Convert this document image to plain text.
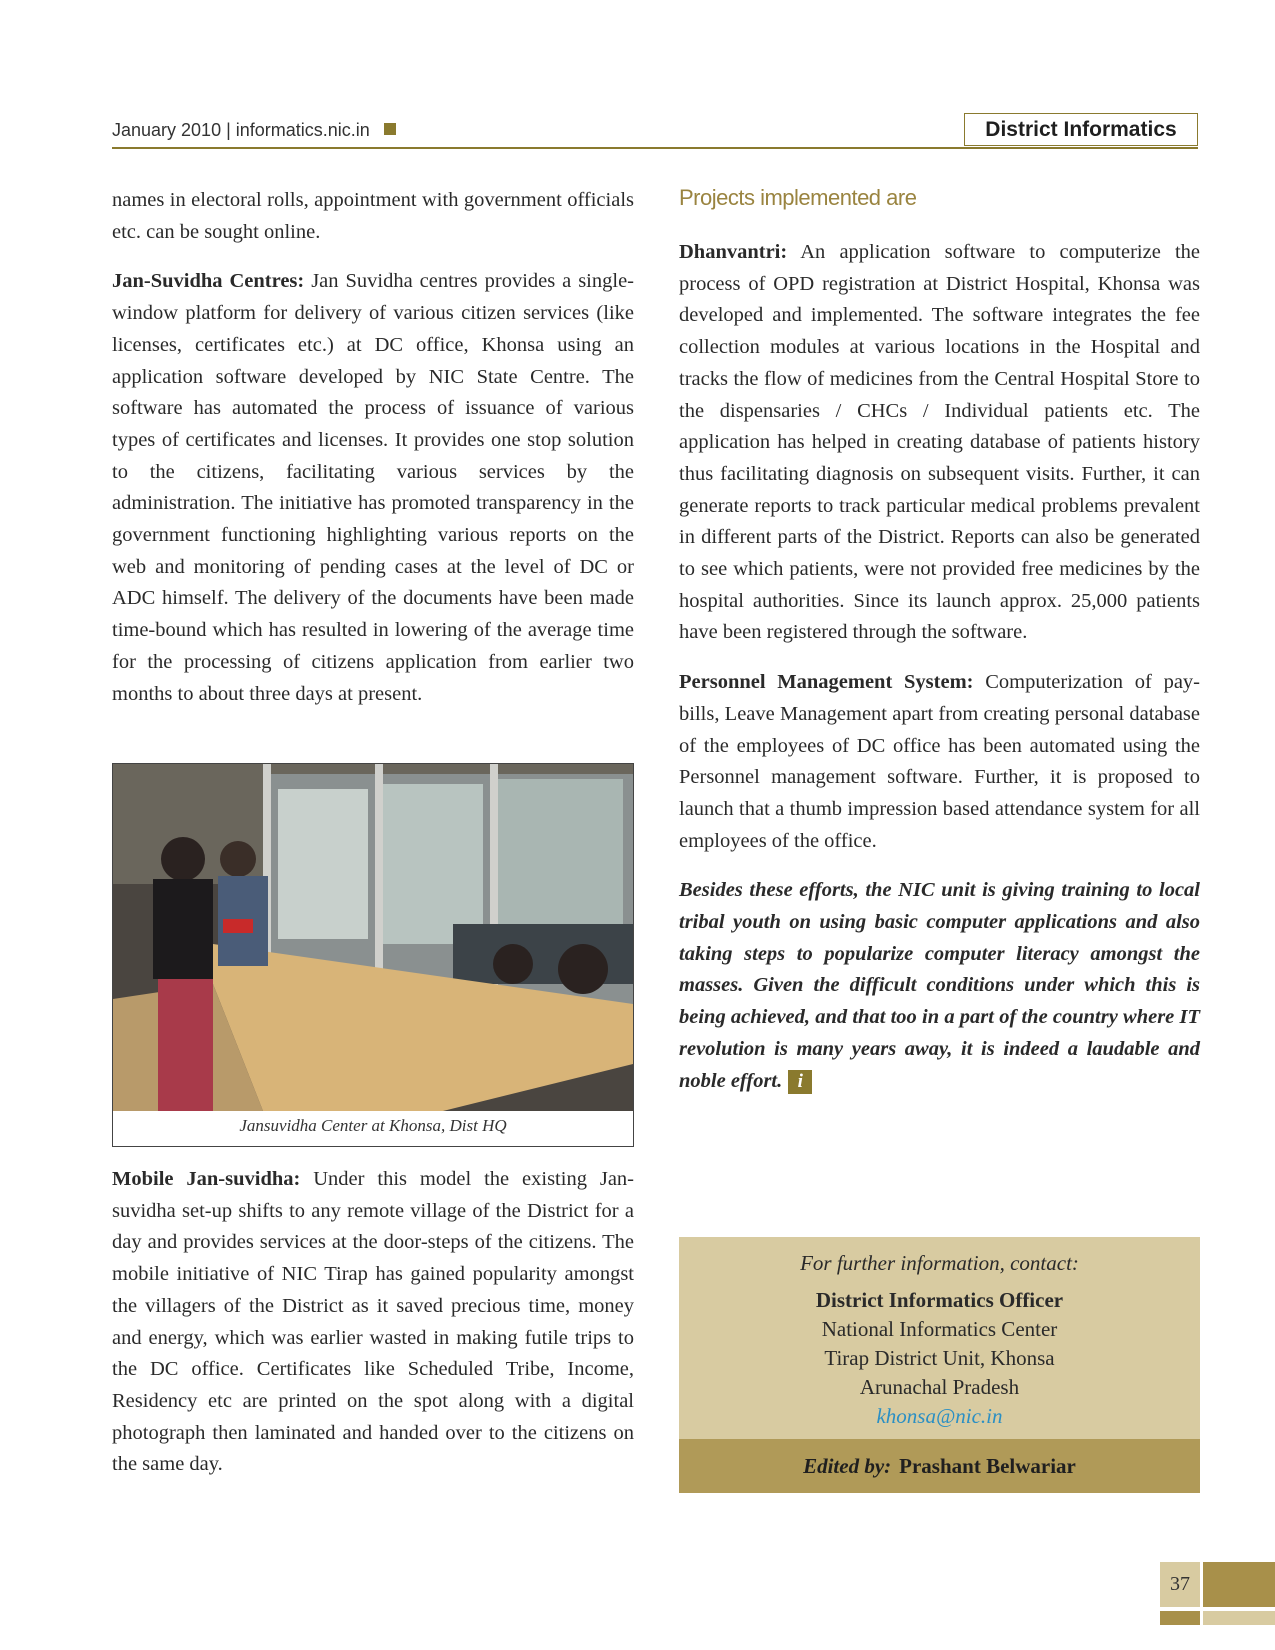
January 2010 | informatics.nic.in	District Informatics

names in electoral rolls, appointment with government officials etc. can be sought online.

Jan-Suvidha Centres: Jan Suvidha centres provides a single-window platform for delivery of various citizen services (like licenses, certificates etc.) at DC office, Khonsa using an application software developed by NIC State Centre. The software has automated the process of issuance of various types of certificates and licenses. It provides one stop solution to the citizens, facilitating various services by the administration. The initiative has promoted transparency in the government functioning highlighting various reports on the web and monitoring of pending cases at the level of DC or ADC himself. The delivery of the documents have been made time-bound which has resulted in lowering of the average time for the processing of citizens application from earlier two months to about three days at present.

Jansuvidha Center at Khonsa, Dist HQ
Mobile Jan-suvidha: Under this model the existing Jan-suvidha set-up shifts to any remote village of the District for a day and provides services at the door-steps of the citizens. The mobile initiative of NIC Tirap has gained popularity amongst the villagers of the District as it saved precious time, money and energy, which was earlier wasted in making futile trips to the DC office. Certificates like Scheduled Tribe, Income, Residency etc are printed on the spot along with a digital photograph then laminated and handed over to the citizens on the same day.
Projects implemented are

Dhanvantri: An application software to computerize the process of OPD registration at District Hospital, Khonsa was developed and implemented. The software integrates the fee collection modules at various locations in the Hospital and tracks the flow of medicines from the Central Hospital Store to the dispensaries / CHCs / Individual patients etc. The application has helped in creating database of patients history thus facilitating diagnosis on subsequent visits. Further, it can generate reports to track particular medical problems prevalent in different parts of the District. Reports can also be generated to see which patients, were not provided free medicines by the hospital authorities. Since its launch approx. 25,000 patients have been registered through the software.

Personnel Management System: Computerization of pay-bills, Leave Management apart from creating personal database of the employees of DC office has been automated using the Personnel management software. Further, it is proposed to launch that a thumb impression based attendance system for all employees of the office.

Besides these efforts, the NIC unit is giving training to local tribal youth on using basic computer applications and also taking steps to popularize computer literacy amongst the masses. Given the difficult conditions under which this is being achieved, and that too in a part of the country where IT revolution is many years away, it is indeed a laudable and noble effort. i

For further information, contact:
District Informatics Officer
National Informatics Center
Tirap District Unit, Khonsa
Arunachal Pradesh
khonsa@nic.in
Edited by: Prashant Belwariar
37
